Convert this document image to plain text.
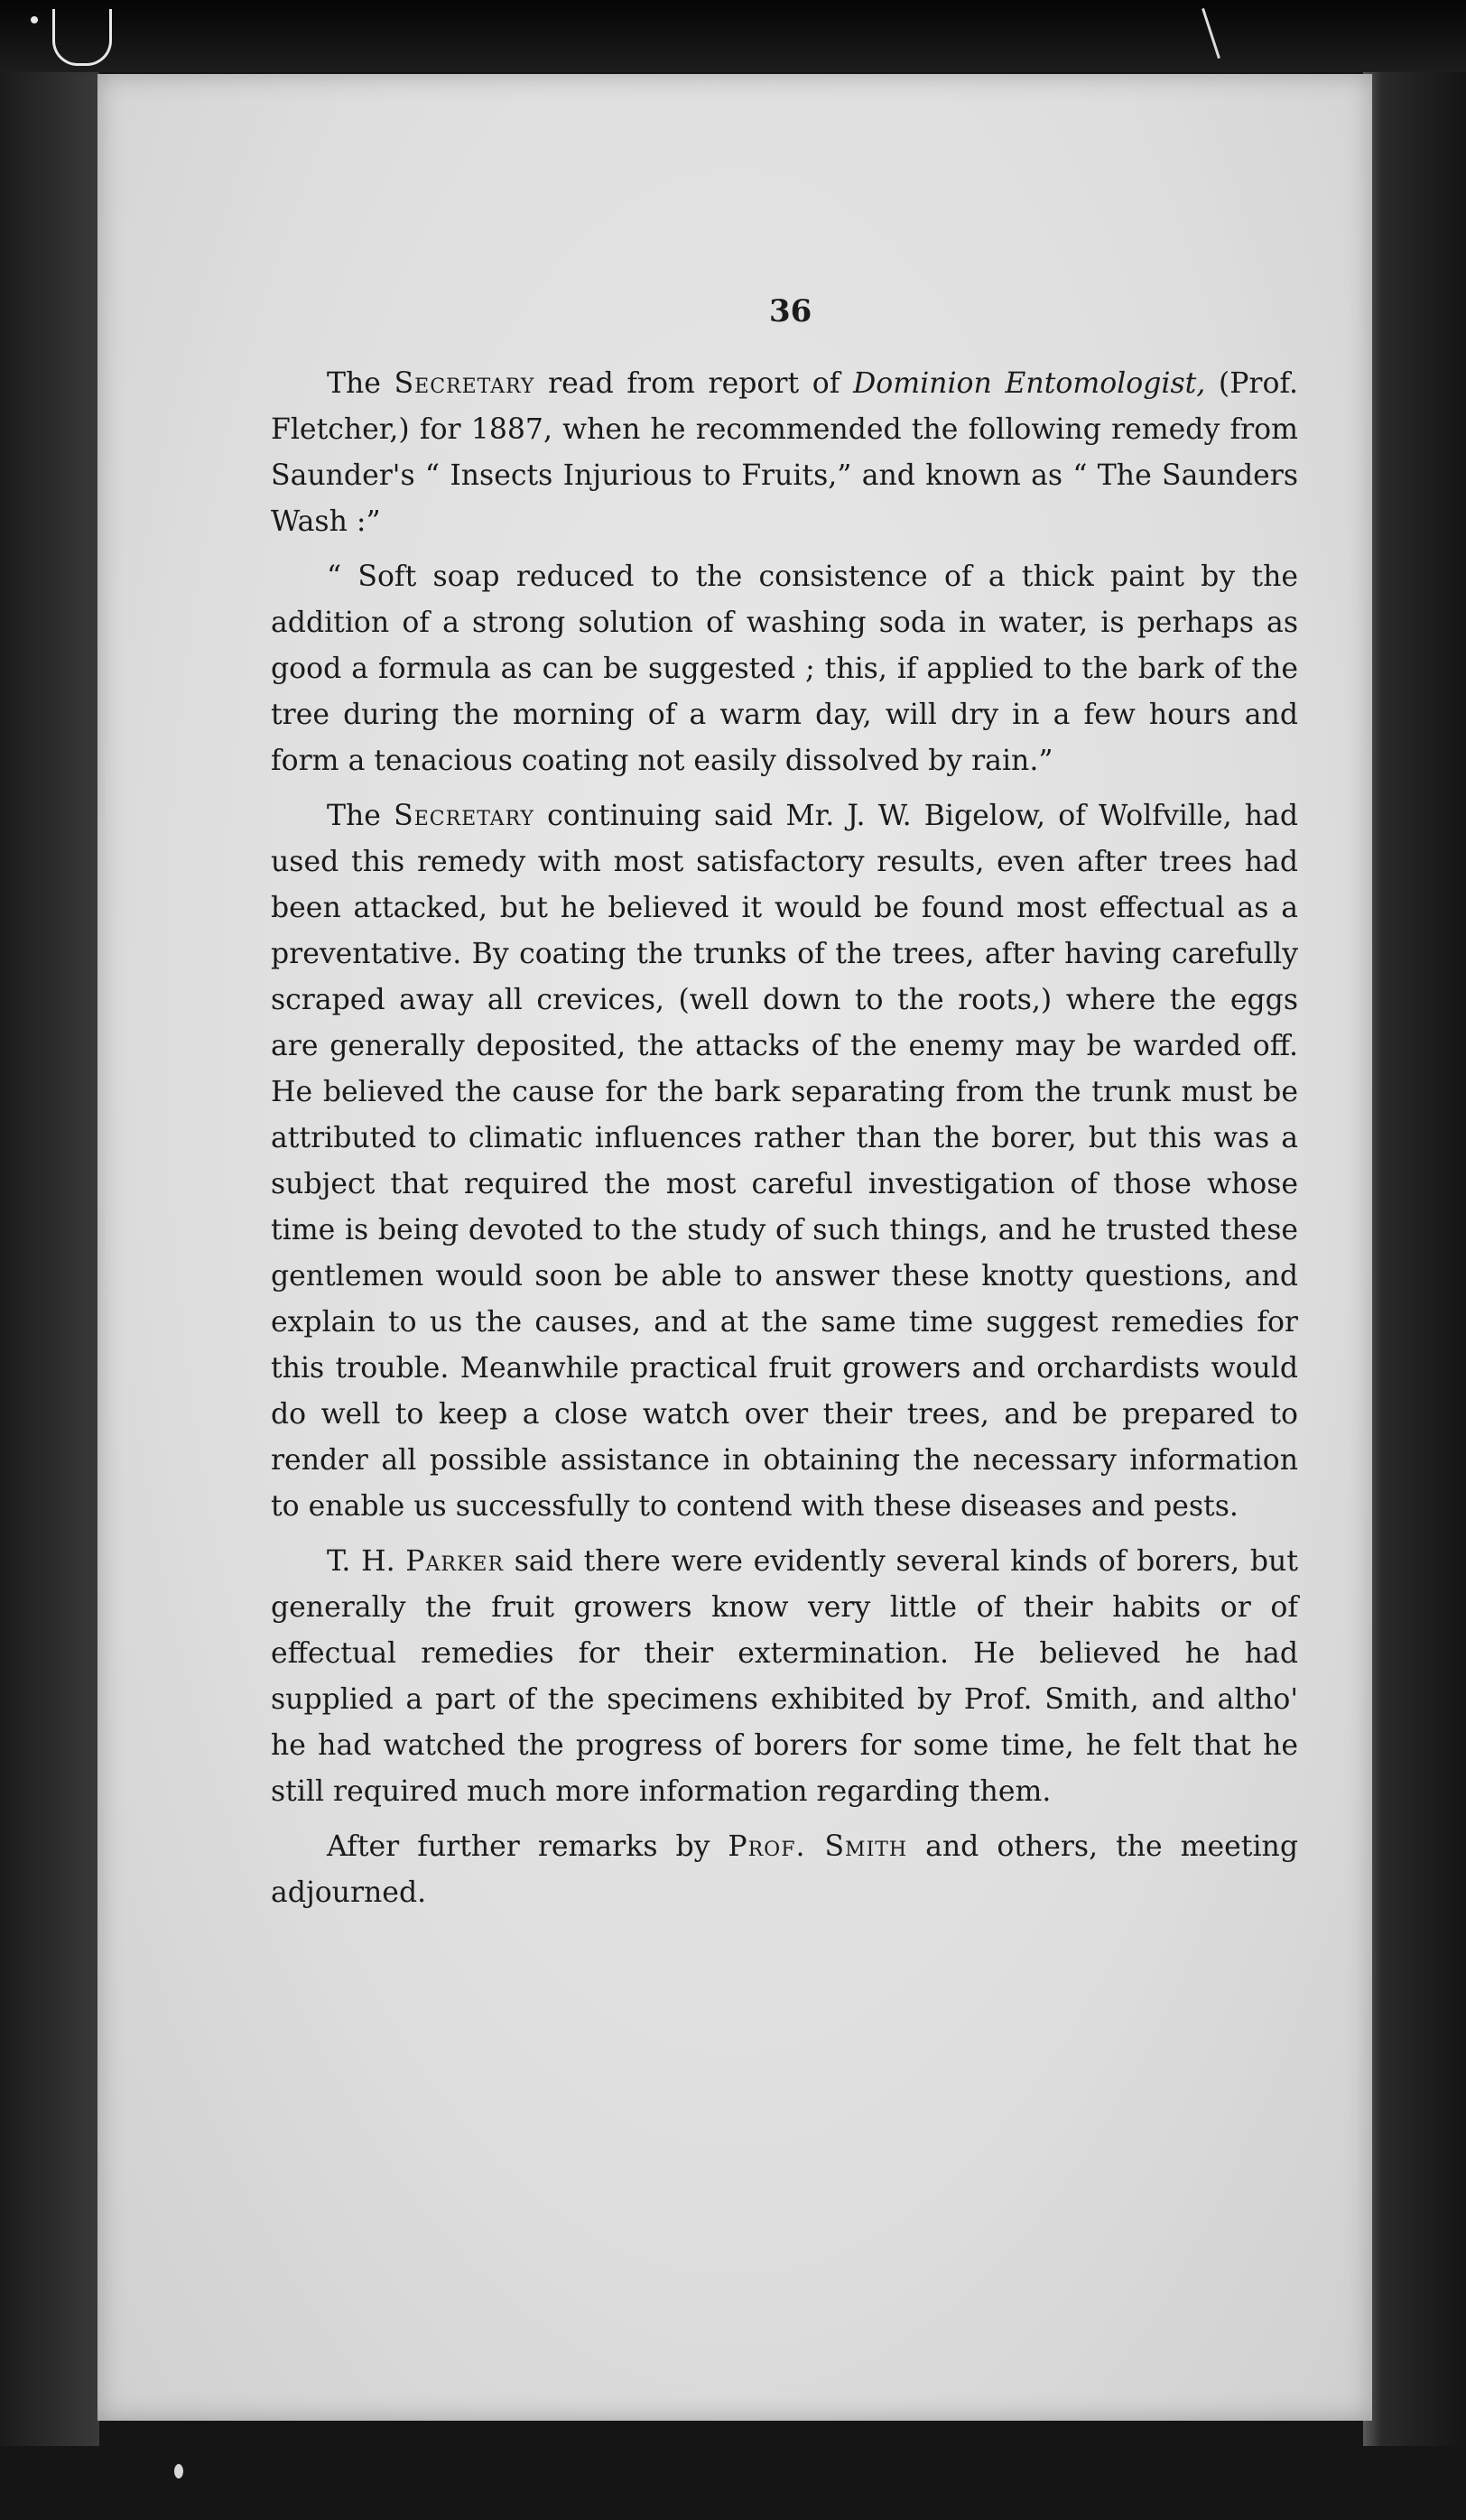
36

The Secretary read from report of Dominion Entomologist, (Prof. Fletcher,) for 1887, when he recommended the following remedy from Saunder's “ Insects Injurious to Fruits,” and known as “ The Saunders Wash :”

“ Soft soap reduced to the consistence of a thick paint by the addition of a strong solution of washing soda in water, is perhaps as good a formula as can be suggested ; this, if applied to the bark of the tree during the morning of a warm day, will dry in a few hours and form a tenacious coating not easily dissolved by rain.”

The Secretary continuing said Mr. J. W. Bigelow, of Wolfville, had used this remedy with most satisfactory results, even after trees had been attacked, but he believed it would be found most effectual as a preventative. By coating the trunks of the trees, after having carefully scraped away all crevices, (well down to the roots,) where the eggs are generally deposited, the attacks of the enemy may be warded off. He believed the cause for the bark separating from the trunk must be attributed to climatic influences rather than the borer, but this was a subject that required the most careful investigation of those whose time is being devoted to the study of such things, and he trusted these gentlemen would soon be able to answer these knotty questions, and explain to us the causes, and at the same time suggest remedies for this trouble. Meanwhile practical fruit growers and orchardists would do well to keep a close watch over their trees, and be prepared to render all possible assistance in obtaining the necessary information to enable us successfully to contend with these diseases and pests.

T. H. Parker said there were evidently several kinds of borers, but generally the fruit growers know very little of their habits or of effectual remedies for their extermination. He believed he had supplied a part of the specimens exhibited by Prof. Smith, and altho' he had watched the progress of borers for some time, he felt that he still required much more information regarding them.

After further remarks by Prof. Smith and others, the meeting adjourned.
